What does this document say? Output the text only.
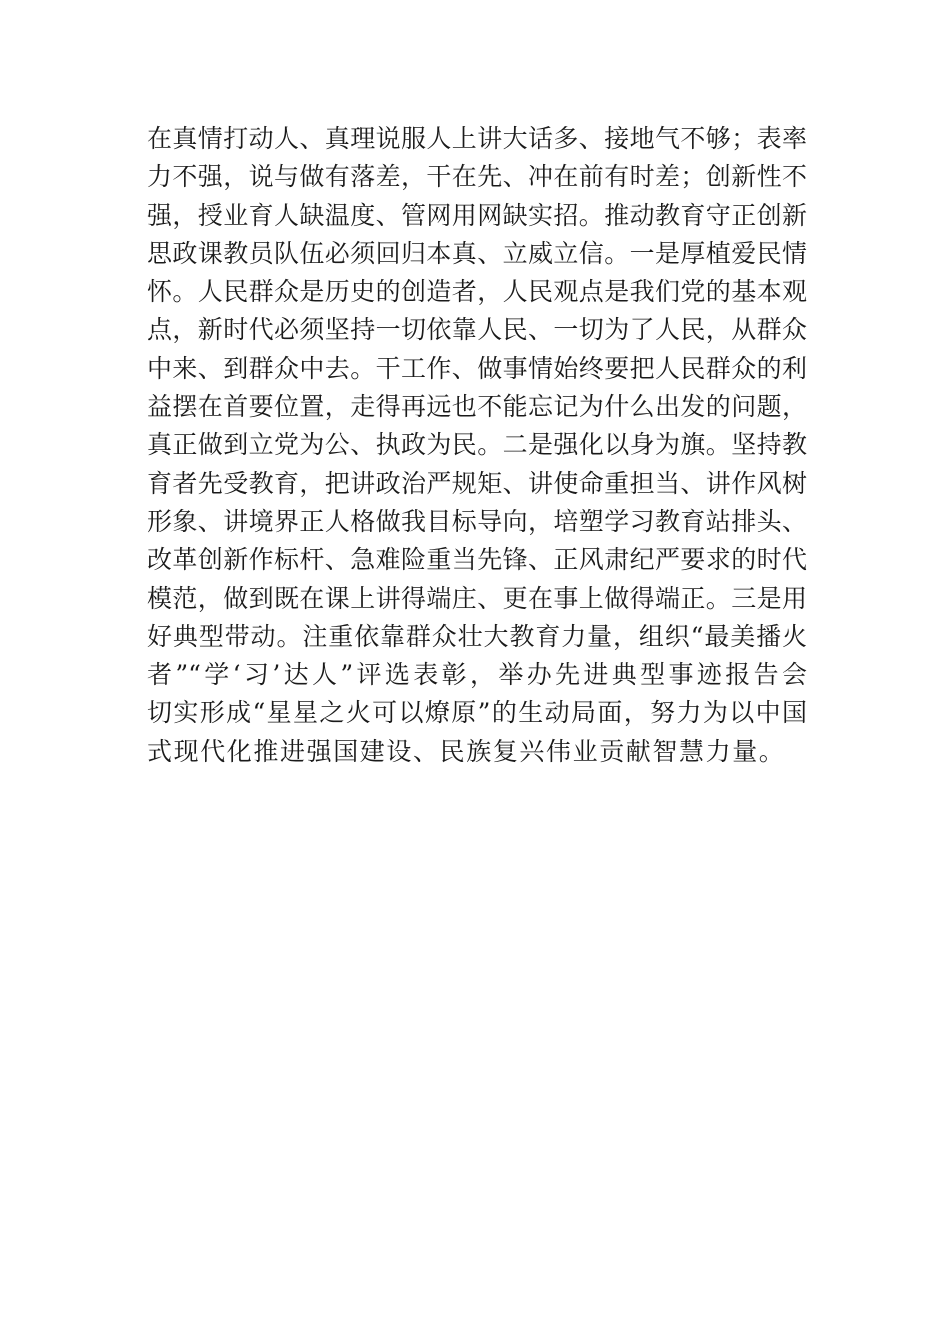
在真情打动人、真理说服人上讲大话多、接地气不够；表率
力不强，说与做有落差，干在先、冲在前有时差；创新性不
强，授业育人缺温度、管网用网缺实招。推动教育守正创新
思政课教员队伍必须回归本真、立威立信。一是厚植爱民情
怀。人民群众是历史的创造者，人民观点是我们党的基本观
点，新时代必须坚持一切依靠人民、一切为了人民，从群众
中来、到群众中去。干工作、做事情始终要把人民群众的利
益摆在首要位置，走得再远也不能忘记为什么出发的问题，
真正做到立党为公、执政为民。二是强化以身为旗。坚持教
育者先受教育，把讲政治严规矩、讲使命重担当、讲作风树
形象、讲境界正人格做我目标导向，培塑学习教育站排头、
改革创新作标杆、急难险重当先锋、正风肃纪严要求的时代
模范，做到既在课上讲得端庄、更在事上做得端正。三是用
好典型带动。注重依靠群众壮大教育力量，组织“最美播火
者”“学‘习’达人”评选表彰，举办先进典型事迹报告会
切实形成“星星之火可以燎原”的生动局面，努力为以中国
式现代化推进强国建设、民族复兴伟业贡献智慧力量。
